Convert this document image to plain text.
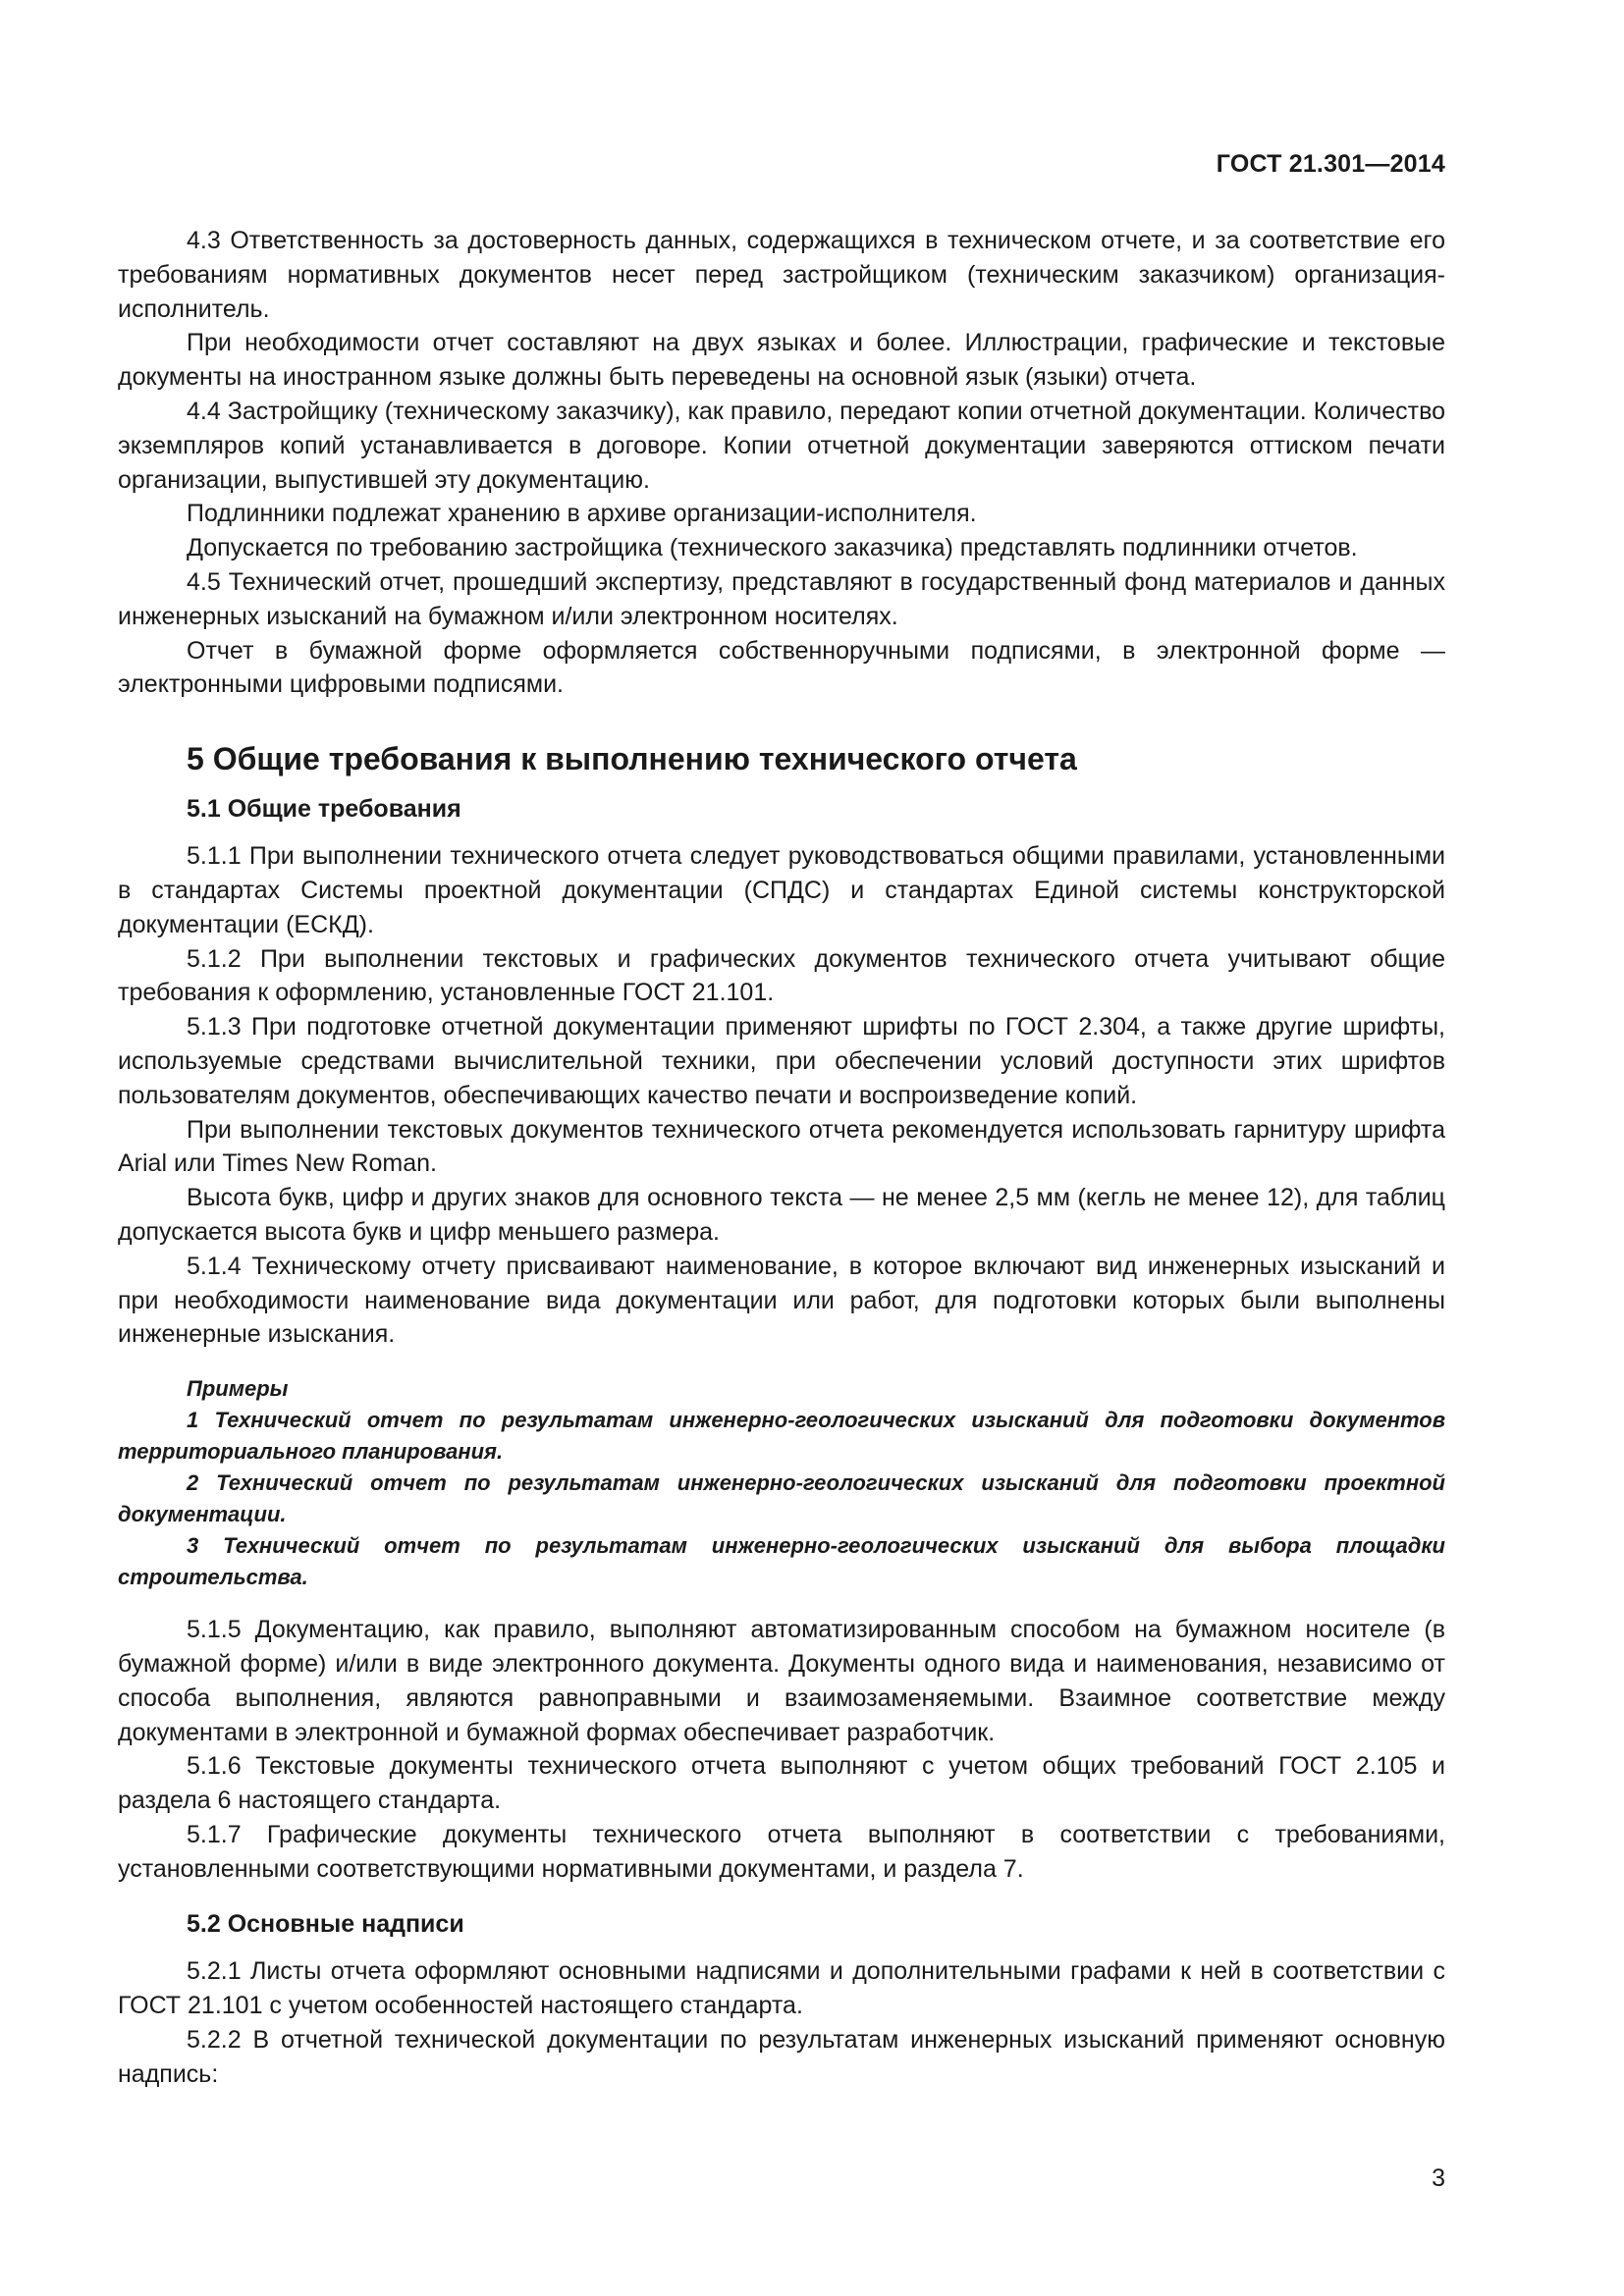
ГОСТ 21.301—2014

4.3 Ответственность за достоверность данных, содержащихся в техническом отчете, и за соответствие его требованиям нормативных документов несет перед застройщиком (техническим заказчиком) организация-исполнитель.

При необходимости отчет составляют на двух языках и более. Иллюстрации, графические и текстовые документы на иностранном языке должны быть переведены на основной язык (языки) отчета.

4.4 Застройщику (техническому заказчику), как правило, передают копии отчетной документации. Количество экземпляров копий устанавливается в договоре. Копии отчетной документации заверяются оттиском печати организации, выпустившей эту документацию.

Подлинники подлежат хранению в архиве организации-исполнителя.

Допускается по требованию застройщика (технического заказчика) представлять подлинники отчетов.

4.5 Технический отчет, прошедший экспертизу, представляют в государственный фонд материалов и данных инженерных изысканий на бумажном и/или электронном носителях.

Отчет в бумажной форме оформляется собственноручными подписями, в электронной форме — электронными цифровыми подписями.

5 Общие требования к выполнению технического отчета
5.1 Общие требования

5.1.1 При выполнении технического отчета следует руководствоваться общими правилами, установленными в стандартах Системы проектной документации (СПДС) и стандартах Единой системы конструкторской документации (ЕСКД).

5.1.2 При выполнении текстовых и графических документов технического отчета учитывают общие требования к оформлению, установленные ГОСТ 21.101.

5.1.3 При подготовке отчетной документации применяют шрифты по ГОСТ 2.304, а также другие шрифты, используемые средствами вычислительной техники, при обеспечении условий доступности этих шрифтов пользователям документов, обеспечивающих качество печати и воспроизведение копий.

При выполнении текстовых документов технического отчета рекомендуется использовать гарнитуру шрифта Arial или Times New Roman.

Высота букв, цифр и других знаков для основного текста — не менее 2,5 мм (кегль не менее 12), для таблиц допускается высота букв и цифр меньшего размера.

5.1.4 Техническому отчету присваивают наименование, в которое включают вид инженерных изысканий и при необходимости наименование вида документации или работ, для подготовки которых были выполнены инженерные изыскания.

Примеры

1 Технический отчет по результатам инженерно-геологических изысканий для подготовки документов территориального планирования.

2 Технический отчет по результатам инженерно-геологических изысканий для подготовки проектной документации.

3 Технический отчет по результатам инженерно-геологических изысканий для выбора площадки строительства.

5.1.5 Документацию, как правило, выполняют автоматизированным способом на бумажном носителе (в бумажной форме) и/или в виде электронного документа. Документы одного вида и наименования, независимо от способа выполнения, являются равноправными и взаимозаменяемыми. Взаимное соответствие между документами в электронной и бумажной формах обеспечивает разработчик.

5.1.6 Текстовые документы технического отчета выполняют с учетом общих требований ГОСТ 2.105 и раздела 6 настоящего стандарта.

5.1.7 Графические документы технического отчета выполняют в соответствии с требованиями, установленными соответствующими нормативными документами, и раздела 7.

5.2 Основные надписи

5.2.1 Листы отчета оформляют основными надписями и дополнительными графами к ней в соответствии с ГОСТ 21.101 с учетом особенностей настоящего стандарта.

5.2.2 В отчетной технической документации по результатам инженерных изысканий применяют основную надпись:

3
